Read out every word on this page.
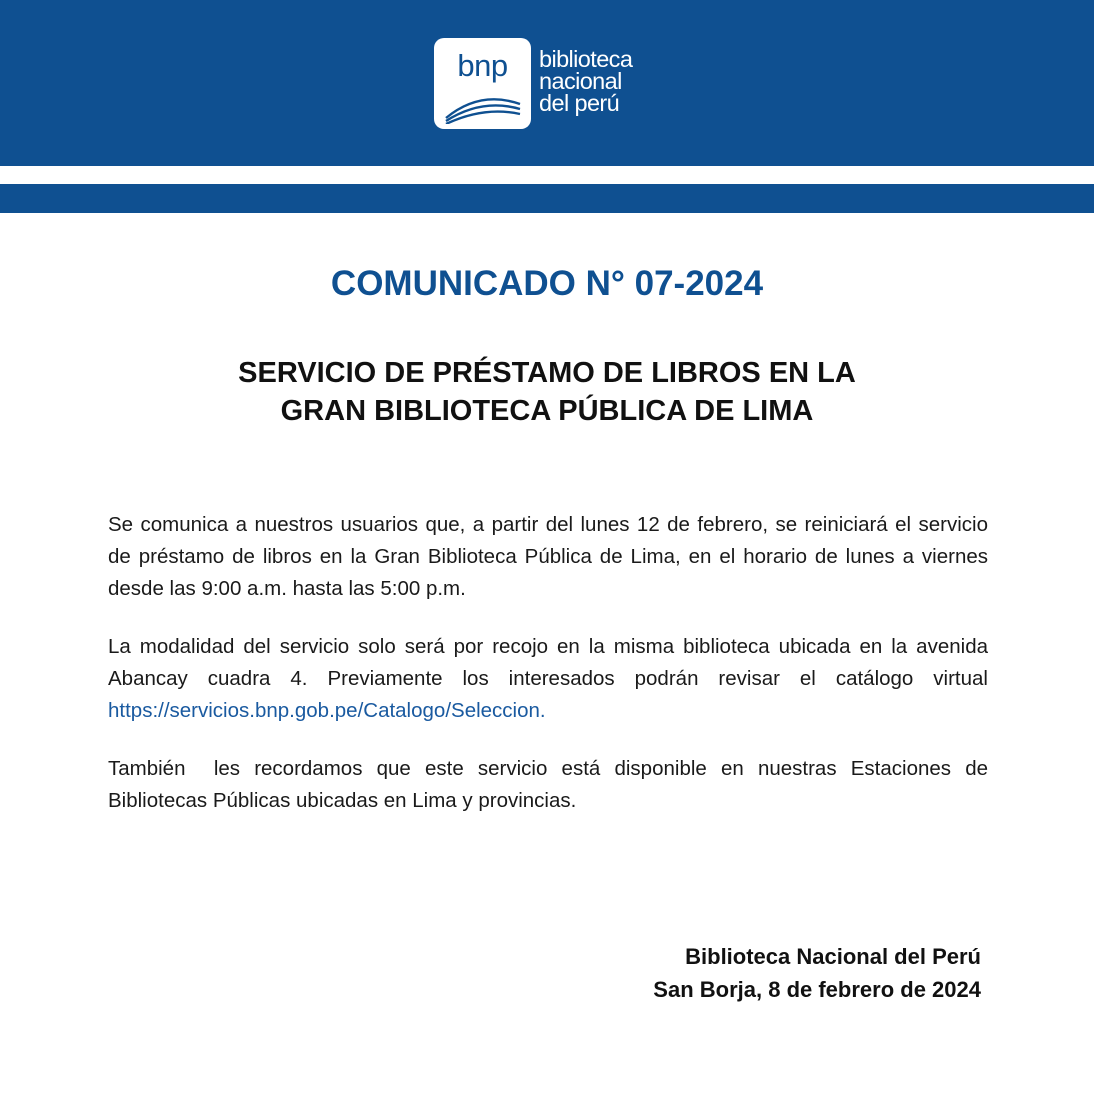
bnp	biblioteca
nacional
del perú
COMUNICADO N° 07-2024
SERVICIO DE PRÉSTAMO DE LIBROS EN LA
GRAN BIBLIOTECA PÚBLICA DE LIMA

Se comunica a nuestros usuarios que, a partir del lunes 12 de febrero, se reiniciará el servicio de préstamo de libros en la Gran Biblioteca Pública de Lima, en el horario de lunes a viernes desde las 9:00 a.m. hasta las 5:00 p.m.

La modalidad del servicio solo será por recojo en la misma biblioteca ubicada en la avenida Abancay cuadra 4. Previamente los interesados podrán revisar el catálogo virtual https://servicios.bnp.gob.pe/Catalogo/Seleccion.

También  les recordamos que este servicio está disponible en nuestras Estaciones de Bibliotecas Públicas ubicadas en Lima y provincias.

Biblioteca Nacional del Perú
San Borja, 8 de febrero de 2024
